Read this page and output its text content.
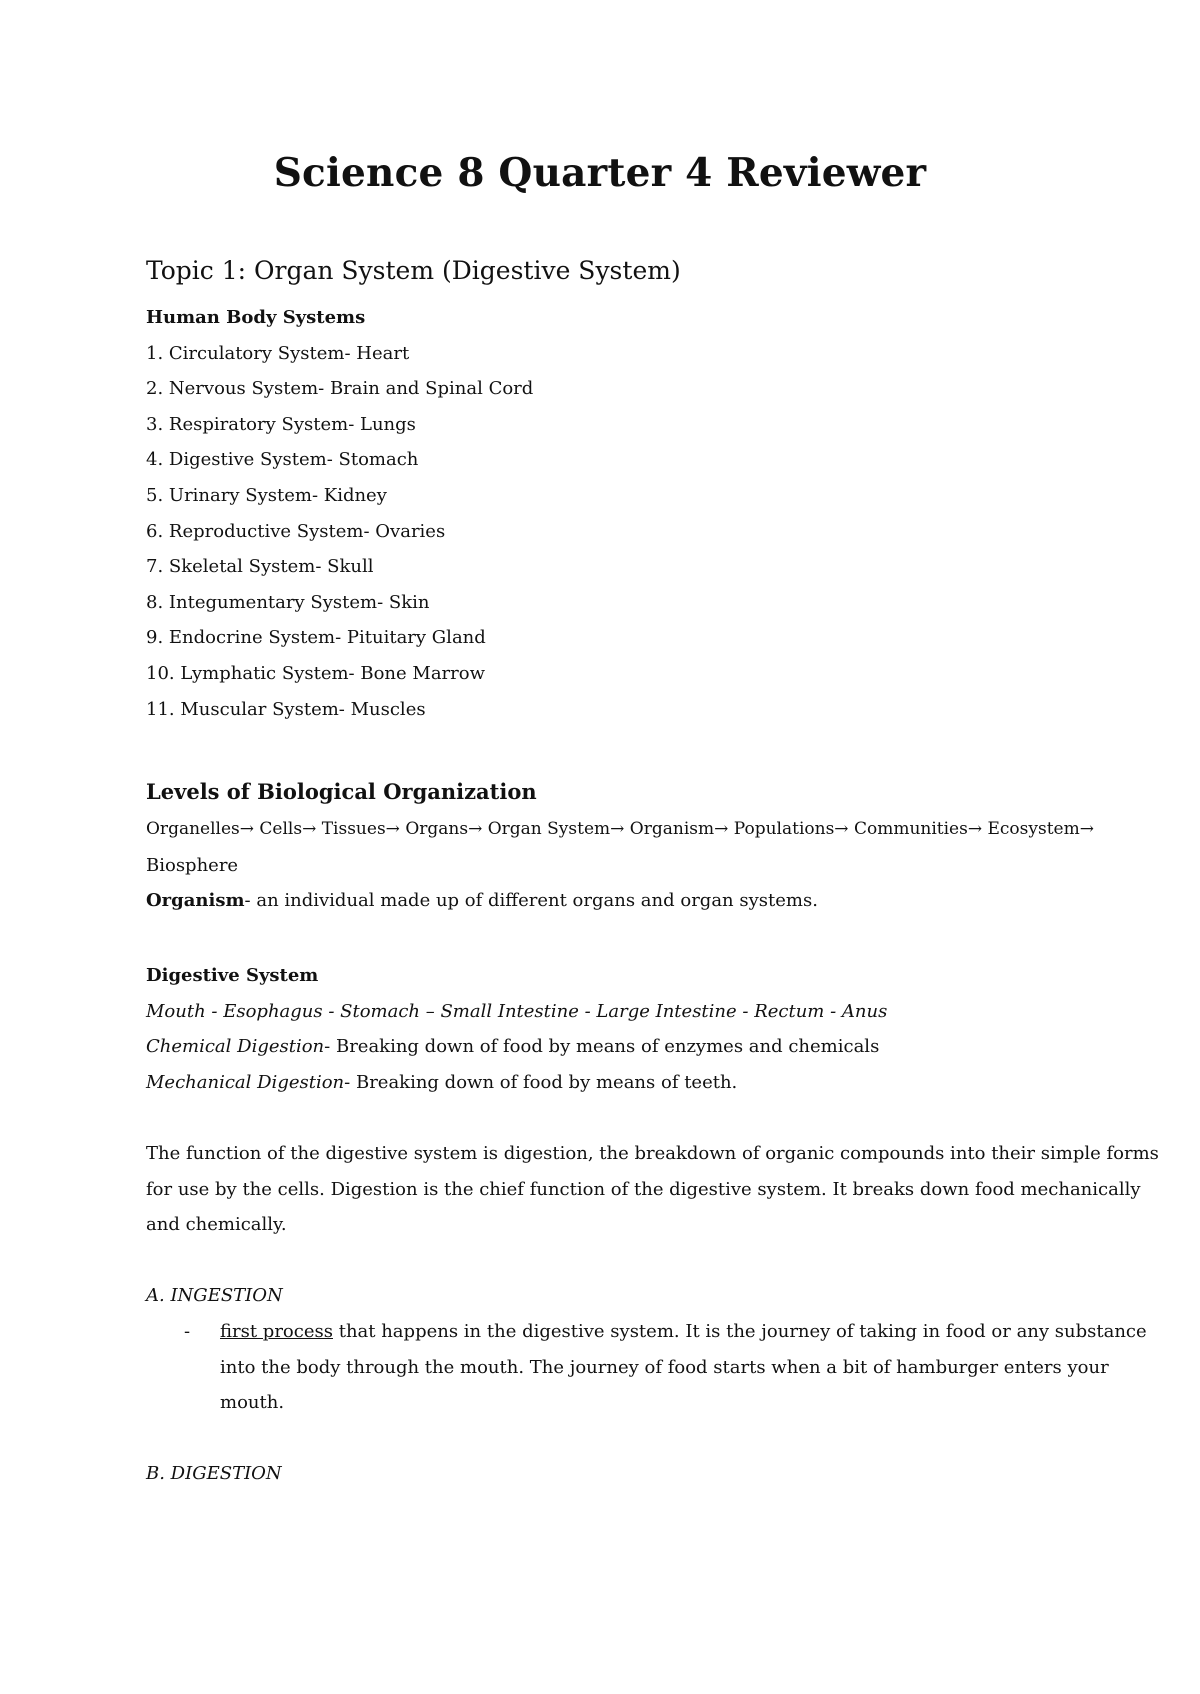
Science 8 Quarter 4 Reviewer
Topic 1: Organ System (Digestive System)
Human Body Systems
1. Circulatory System- Heart
2. Nervous System- Brain and Spinal Cord
3. Respiratory System- Lungs
4. Digestive System- Stomach
5. Urinary System- Kidney
6. Reproductive System- Ovaries
7. Skeletal System- Skull
8. Integumentary System- Skin
9. Endocrine System- Pituitary Gland
10. Lymphatic System- Bone Marrow
11. Muscular System- Muscles
Levels of Biological Organization
Organelles→ Cells→ Tissues→ Organs→ Organ System→ Organism→ Populations→ Communities→ Ecosystem→
Biosphere
Organism- an individual made up of different organs and organ systems.
Digestive System
Mouth - Esophagus - Stomach – Small Intestine - Large Intestine - Rectum - Anus
Chemical Digestion- Breaking down of food by means of enzymes and chemicals
Mechanical Digestion- Breaking down of food by means of teeth.
The function of the digestive system is digestion, the breakdown of organic compounds into their simple forms
for use by the cells. Digestion is the chief function of the digestive system. It breaks down food mechanically
and chemically.
A. INGESTION
-	first process that happens in the digestive system. It is the journey of taking in food or any substance
into the body through the mouth. The journey of food starts when a bit of hamburger enters your
mouth.
B. DIGESTION
